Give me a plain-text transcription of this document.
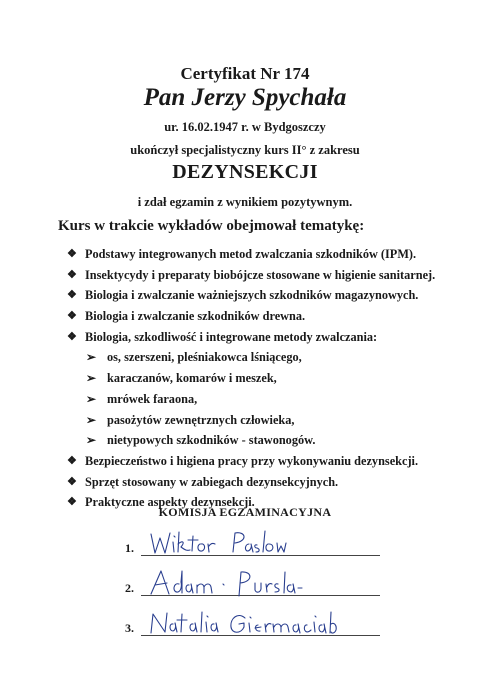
Certyfikat Nr 174
Pan Jerzy Spychała
ur. 16.02.1947 r. w Bydgoszczy
ukończył specjalistyczny kurs II° z zakresu
DEZYNSEKCJI
i zdał egzamin z wynikiem pozytywnym.
Kurs w trakcie wykładów obejmował tematykę:
❖ Podstawy integrowanych metod zwalczania szkodników (IPM).
❖ Insektycydy i preparaty biobójcze stosowane w higienie sanitarnej.
❖ Biologia i zwalczanie ważniejszych szkodników magazynowych.
❖ Biologia i zwalczanie szkodników drewna.
❖ Biologia, szkodliwość i integrowane metody zwalczania:
➢ os, szerszeni, pleśniakowca lśniącego,
➢ karaczanów, komarów i meszek,
➢ mrówek faraona,
➢ pasożytów zewnętrznych człowieka,
➢ nietypowych szkodników - stawonogów.
❖ Bezpieczeństwo i higiena pracy przy wykonywaniu dezynsekcji.
❖ Sprzęt stosowany w zabiegach dezynsekcyjnych.
❖ Praktyczne aspekty dezynsekcji.
KOMISJA EGZAMINACYJNA
1.
2.
3.
